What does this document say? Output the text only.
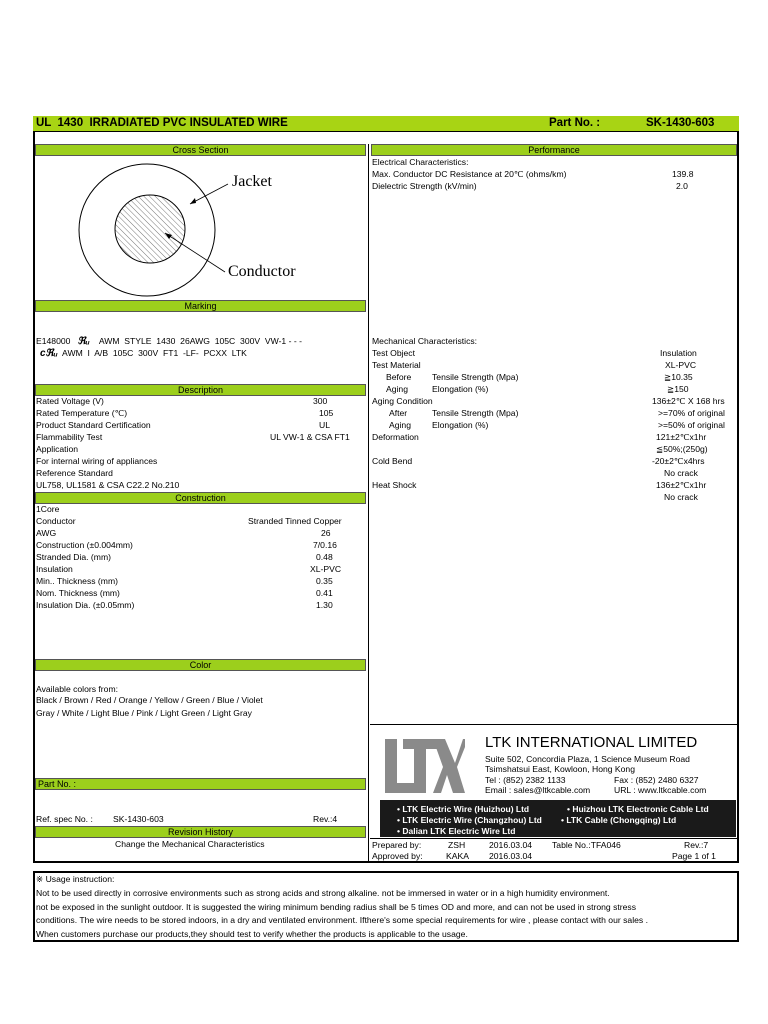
UL  1430  IRRADIATED PVC INSULATED WIRE	Part No. :	SK-1430-603
Cross Section	Performance
Jacket
Conductor
Marking
E148000   ℜᵤ    AWM  STYLE  1430  26AWG  105C  300V  VW-1 - - -
cℜᵤ AWM  I  A/B  105C  300V  FT1  -LF-  PCXX  LTK
Description
Rated Voltage (V)	300
Rated Temperature (℃)	105
Product Standard Certification	UL
Flammability Test	UL VW-1 & CSA FT1
Application
For internal wiring of appliances
Reference Standard
UL758, UL1581 & CSA C22.2 No.210
Construction
1Core
Conductor	Stranded Tinned Copper
AWG	26
Construction (±0.004mm)	7/0.16
Stranded Dia. (mm)	0.48
Insulation	XL-PVC
Min.. Thickness (mm)	0.35
Nom. Thickness (mm)	0.41
Insulation Dia. (±0.05mm)	1.30
Color
Available colors from:
Black / Brown / Red / Orange / Yellow / Green / Blue / Violet
Gray / White / Light Blue / Pink / Light Green / Light Gray
Part No. :
Ref. spec No. : SK-1430-603	Rev.:4
Revision History
Change the Mechanical Characteristics
Electrical Characteristics:
Max. Conductor DC Resistance at 20℃ (ohms/km)	139.8
Dielectric Strength (kV/min)	2.0
Mechanical Characteristics:
Test Object	Insulation
Test Material	XL-PVC
Before Tensile Strength (Mpa)	≧10.35
Aging	Elongation (%)	≧150
Aging Condition	136±2℃ X 168 hrs
After	Tensile Strength (Mpa)	>=70% of original
Aging Elongation (%)	>=50% of original
Deformation	121±2℃x1hr
≦50%;(250g)
Cold Bend	-20±2℃x4hrs
No crack
Heat Shock	136±2℃x1hr
No crack
LTK INTERNATIONAL LIMITED
Suite 502, Concordia Plaza, 1 Science Museum Road
Tsimshatsui East, Kowloon, Hong Kong
Tel : (852) 2382 1133	Fax : (852) 2480 6327
Email : sales@ltkcable.com	URL : www.ltkcable.com
• LTK Electric Wire (Huizhou) Ltd	• Huizhou LTK Electronic Cable Ltd
• LTK Electric Wire (Changzhou) Ltd • LTK Cable (Chongqing) Ltd
• Dalian LTK Electric Wire Ltd
Prepared by:	ZSH	2016.03.04 Table No.:TFA046	Rev.:7
Approved by:	KAKA 2016.03.04	Page 1 of 1
※ Usage instruction:
Not to be used directly in corrosive environments such as strong acids and strong alkaline. not be immersed in water or in a high humidity environment.
not be exposed in the sunlight outdoor. It is suggested the wiring minimum bending radius shall be 5 times OD and more, and can not be used in strong stress
conditions. The wire needs to be stored indoors, in a dry and ventilated environment. Ifthere's some special requirements for wire , please contact with our sales .
When customers purchase our products,they should test to verify whether the products is applicable to the usage.
